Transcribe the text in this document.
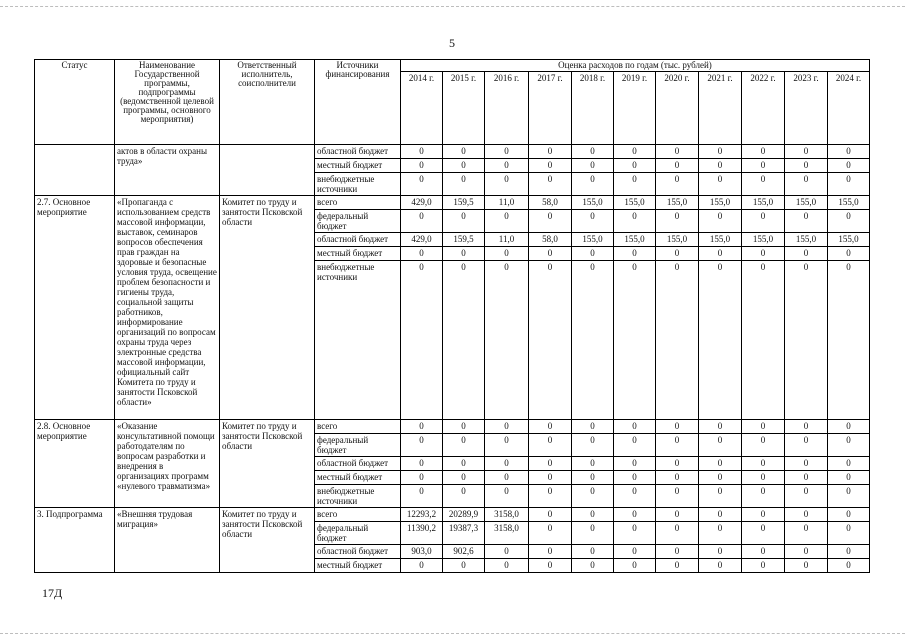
5
Статус	Наименование Государственной программы, подпрограммы (ведомственной целевой программы, основного мероприятия)	Ответственный исполнитель, соисполнители	Источники финансирования	Оценка расходов по годам (тыс. рублей)										
				2014 г.	2015 г.	2016 г.	2017 г.	2018 г.	2019 г.	2020 г.	2021 г.	2022 г.	2023 г.	2024 г.
	актов в области охраны труда»		областной бюджет	0	0	0	0	0	0	0	0	0	0	0
			местный бюджет	0	0	0	0	0	0	0	0	0	0	0
			внебюджетные источники	0	0	0	0	0	0	0	0	0	0	0
2.7. Основное мероприятие	«Пропаганда с использованием средств массовой информации, выставок, семинаров вопросов обеспечения прав граждан на здоровые и безопасные условия труда, освещение проблем безопасности и гигиены труда, социальной защиты работников, информирование организаций по вопросам охраны труда через электронные средства массовой информации, официальный сайт Комитета по труду и занятости Псковской области»	Комитет по труду и занятости Псковской области	всего	429,0	159,5	11,0	58,0	155,0	155,0	155,0	155,0	155,0	155,0	155,0
			федеральный бюджет	0	0	0	0	0	0	0	0	0	0	0
			областной бюджет	429,0	159,5	11,0	58,0	155,0	155,0	155,0	155,0	155,0	155,0	155,0
			местный бюджет	0	0	0	0	0	0	0	0	0	0	0
			внебюджетные источники	0	0	0	0	0	0	0	0	0	0	0
2.8. Основное мероприятие	«Оказание консультативной помощи работодателям по вопросам разработки и внедрения в организациях программ «нулевого травматизма»	Комитет по труду и занятости Псковской области	всего	0	0	0	0	0	0	0	0	0	0	0
			федеральный бюджет	0	0	0	0	0	0	0	0	0	0	0
			областной бюджет	0	0	0	0	0	0	0	0	0	0	0
			местный бюджет	0	0	0	0	0	0	0	0	0	0	0
			внебюджетные источники	0	0	0	0	0	0	0	0	0	0	0
3. Подпрограмма	«Внешняя трудовая миграция»	Комитет по труду и занятости Псковской области	всего	12293,2	20289,9	3158,0	0	0	0	0	0	0	0	0
			федеральный бюджет	11390,2	19387,3	3158,0	0	0	0	0	0	0	0	0
			областной бюджет	903,0	902,6	0	0	0	0	0	0	0	0	0
			местный бюджет	0	0	0	0	0	0	0	0	0	0	0
17Д
